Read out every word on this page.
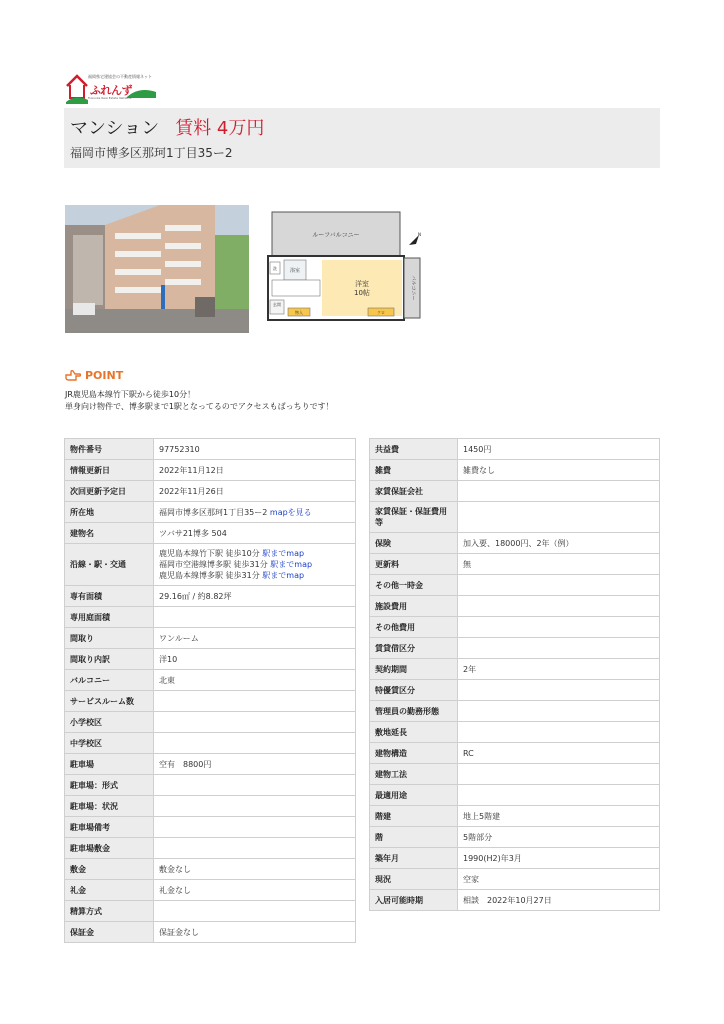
福岡県宅建協会の不動産情報ネット
ふれんず
Fukuoka Real Estate Network
マンション 賃料 4万円
福岡市博多区那珂1丁目35ー2
ルーフバルコニー
洋室
10帖
浴室
洗
玄関
物入	クロ
バルコニー
N
POINT
JR鹿児島本線竹下駅から徒歩10分！
単身向け物件で、博多駅まで1駅となってるのでアクセスもばっちりです！
物件番号	97752310
情報更新日	2022年11月12日
次回更新予定日	2022年11月26日
所在地	福岡市博多区那珂1丁目35ー2 mapを見る
建物名	ツバサ21博多 504
沿線・駅・交通	鹿児島本線竹下駅 徒歩10分 駅までmap
福岡市空港線博多駅 徒歩31分 駅までmap
鹿児島本線博多駅 徒歩31分 駅までmap

専有面積	29.16㎡ / 約8.82坪
専用庭面積	
間取り	ワンルーム
間取り内訳	洋10
バルコニー	北東
サービスルーム数	
小学校区	
中学校区	
駐車場	空有　8800円
駐車場：形式	
駐車場：状況	
駐車場備考	
駐車場敷金	
敷金	敷金なし
礼金	礼金なし
精算方式	
保証金	保証金なし
共益費	1450円
雑費	雑費なし
家賃保証会社	
家賃保証・保証費用等	
保険	加入要、18000円、2年（例）
更新料	無
その他一時金	
施設費用	
その他費用	
賃貸借区分	
契約期間	2年
特優賃区分	
管理員の勤務形態	
敷地延長	
建物構造	RC
建物工法	
最適用途	
階建	地上5階建
階	5階部分
築年月	1990(H2)年3月
現況	空家
入居可能時期	相談　2022年10月27日
